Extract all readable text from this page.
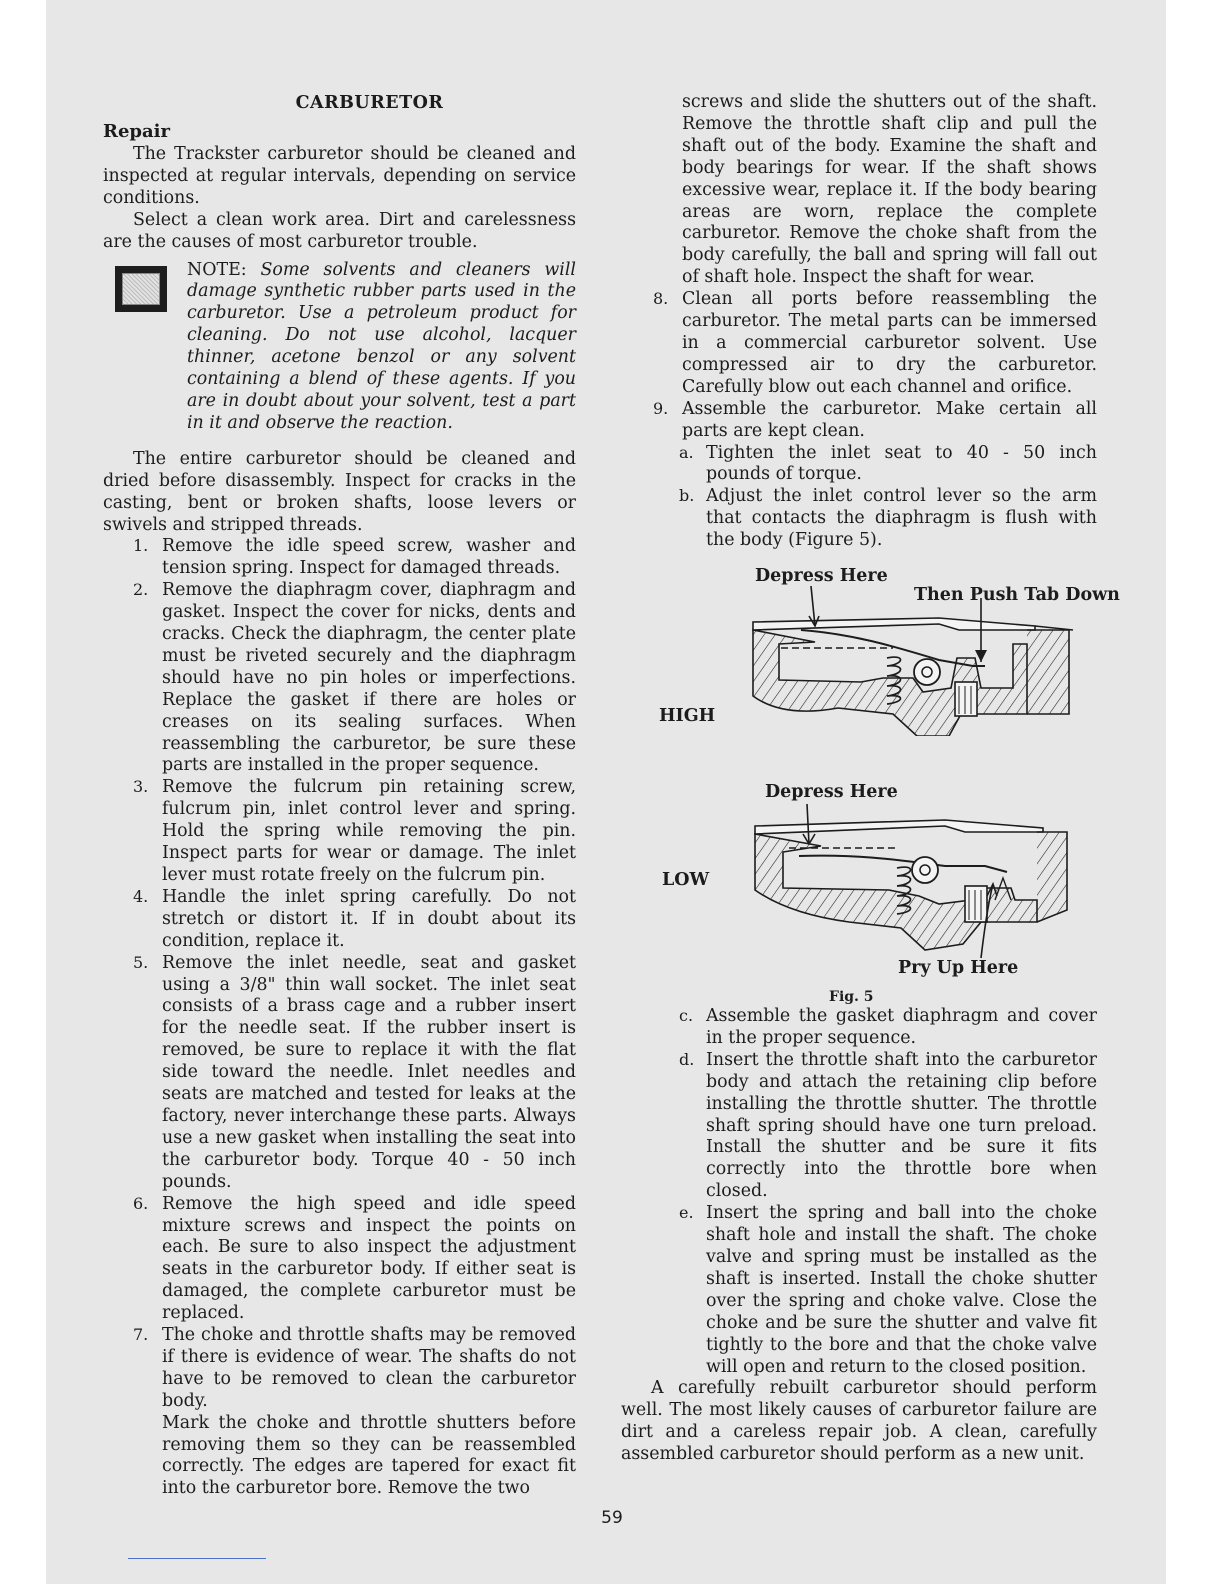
CARBURETOR

Repair

The Trackster carburetor should be cleaned and inspected at regular intervals, depending on service conditions.

Select a clean work area. Dirt and carelessness are the causes of most carburetor trouble.

NOTE: Some solvents and cleaners will damage synthetic rubber parts used in the carburetor. Use a petroleum product for cleaning. Do not use alcohol, lacquer thinner, acetone benzol or any solvent containing a blend of these agents. If you are in doubt about your solvent, test a part in it and observe the reaction.

The entire carburetor should be cleaned and dried before disassembly. Inspect for cracks in the casting, bent or broken shafts, loose levers or swivels and stripped threads.

1. Remove the idle speed screw, washer and tension spring. Inspect for damaged threads.

2. Remove the diaphragm cover, diaphragm and gasket. Inspect the cover for nicks, dents and cracks. Check the diaphragm, the center plate must be riveted securely and the diaphragm should have no pin holes or imperfections. Replace the gasket if there are holes or creases on its sealing surfaces. When reassembling the carburetor, be sure these parts are installed in the proper sequence.

3. Remove the fulcrum pin retaining screw, fulcrum pin, inlet control lever and spring. Hold the spring while removing the pin. Inspect parts for wear or damage. The inlet lever must rotate freely on the fulcrum pin.

4. Handle the inlet spring carefully. Do not stretch or distort it. If in doubt about its condition, replace it.

5. Remove the inlet needle, seat and gasket using a 3/8" thin wall socket. The inlet seat consists of a brass cage and a rubber insert for the needle seat. If the rubber insert is removed, be sure to replace it with the flat side toward the needle. Inlet needles and seats are matched and tested for leaks at the factory, never interchange these parts. Always use a new gasket when installing the seat into the carburetor body. Torque 40 - 50 inch pounds.

6. Remove the high speed and idle speed mixture screws and inspect the points on each. Be sure to also inspect the adjustment seats in the carburetor body. If either seat is damaged, the complete carburetor must be replaced.

7. The choke and throttle shafts may be removed if there is evidence of wear. The shafts do not have to be removed to clean the carburetor body.

Mark the choke and throttle shutters before removing them so they can be reassembled correctly. The edges are tapered for exact fit into the carburetor bore. Remove the two

screws and slide the shutters out of the shaft. Remove the throttle shaft clip and pull the shaft out of the body. Examine the shaft and body bearings for wear. If the shaft shows excessive wear, replace it. If the body bearing areas are worn, replace the complete carburetor. Remove the choke shaft from the body carefully, the ball and spring will fall out of shaft hole. Inspect the shaft for wear.

8. Clean all ports before reassembling the carburetor. The metal parts can be immersed in a commercial carburetor solvent. Use compressed air to dry the carburetor. Carefully blow out each channel and orifice.

9. Assemble the carburetor. Make certain all parts are kept clean.

a. Tighten the inlet seat to 40 - 50 inch pounds of torque.

b. Adjust the inlet control lever so the arm that contacts the diaphragm is flush with the body (Figure 5).

Depress Here
Then Push Tab Down
HIGH
Depress Here
LOW
Pry Up Here
Fig. 5
c. Assemble the gasket diaphragm and cover in the proper sequence.

d. Insert the throttle shaft into the carburetor body and attach the retaining clip before installing the throttle shutter. The throttle shaft spring should have one turn preload. Install the shutter and be sure it fits correctly into the throttle bore when closed.

e. Insert the spring and ball into the choke shaft hole and install the shaft. The choke valve and spring must be installed as the shaft is inserted. Install the choke shutter over the spring and choke valve. Close the choke and be sure the shutter and valve fit tightly to the bore and that the choke valve will open and return to the closed position.

A carefully rebuilt carburetor should perform well. The most likely causes of carburetor failure are dirt and a careless repair job. A clean, carefully assembled carburetor should perform as a new unit.

59
